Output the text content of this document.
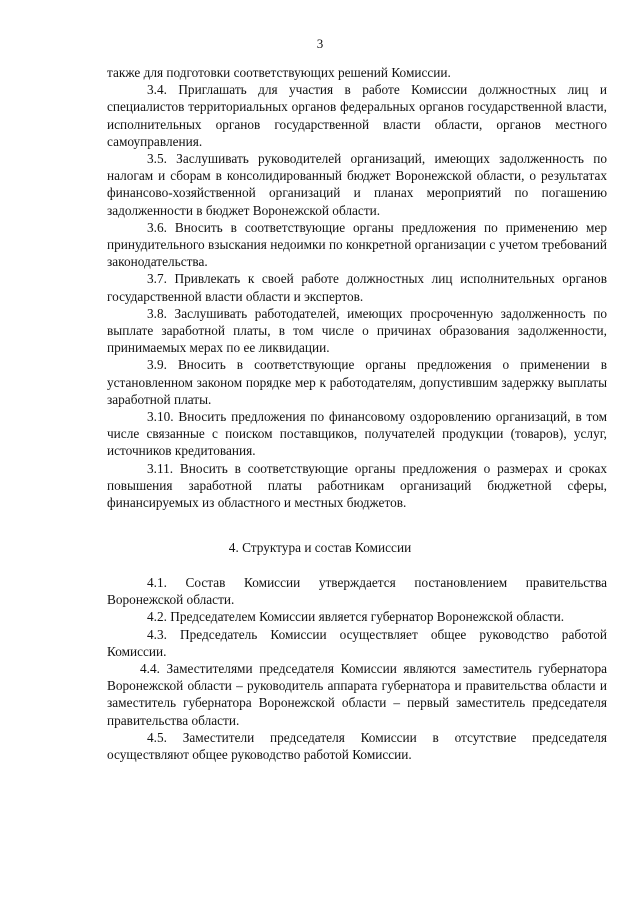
3

также для подготовки соответствующих решений Комиссии.

3.4. Приглашать для участия в работе Комиссии должностных лиц и специалистов территориальных органов федеральных органов государственной власти, исполнительных органов государственной власти области, органов местного самоуправления.

3.5. Заслушивать руководителей организаций, имеющих задолженность по налогам и сборам в консолидированный бюджет Воронежской области, о результатах финансово-хозяйственной организаций и планах мероприятий по погашению задолженности в бюджет Воронежской области.

3.6. Вносить в соответствующие органы предложения по применению мер принудительного взыскания недоимки по конкретной организации с учетом требований законодательства.

3.7. Привлекать к своей работе должностных лиц исполнительных органов государственной власти области и экспертов.

3.8. Заслушивать работодателей, имеющих просроченную задолженность по выплате заработной платы, в том числе о причинах образования задолженности, принимаемых мерах по ее ликвидации.

3.9. Вносить в соответствующие органы предложения о применении в установленном законом порядке мер к работодателям, допустившим задержку выплаты заработной платы.

3.10. Вносить предложения по финансовому оздоровлению организаций, в том числе связанные с поиском поставщиков, получателей продукции (товаров), услуг, источников кредитования.

3.11. Вносить в соответствующие органы предложения о размерах и сроках повышения заработной платы работникам организаций бюджетной сферы, финансируемых из областного и местных бюджетов.

4. Структура и состав Комиссии

4.1. Состав Комиссии утверждается постановлением правительства Воронежской области.

4.2. Председателем Комиссии является губернатор Воронежской области.

4.3. Председатель Комиссии осуществляет общее руководство работой Комиссии.

4.4. Заместителями председателя Комиссии являются заместитель губернатора Воронежской области – руководитель аппарата губернатора и правительства области и заместитель губернатора Воронежской области – первый заместитель председателя правительства области.

4.5. Заместители председателя Комиссии в отсутствие председателя осуществляют общее руководство работой Комиссии.
